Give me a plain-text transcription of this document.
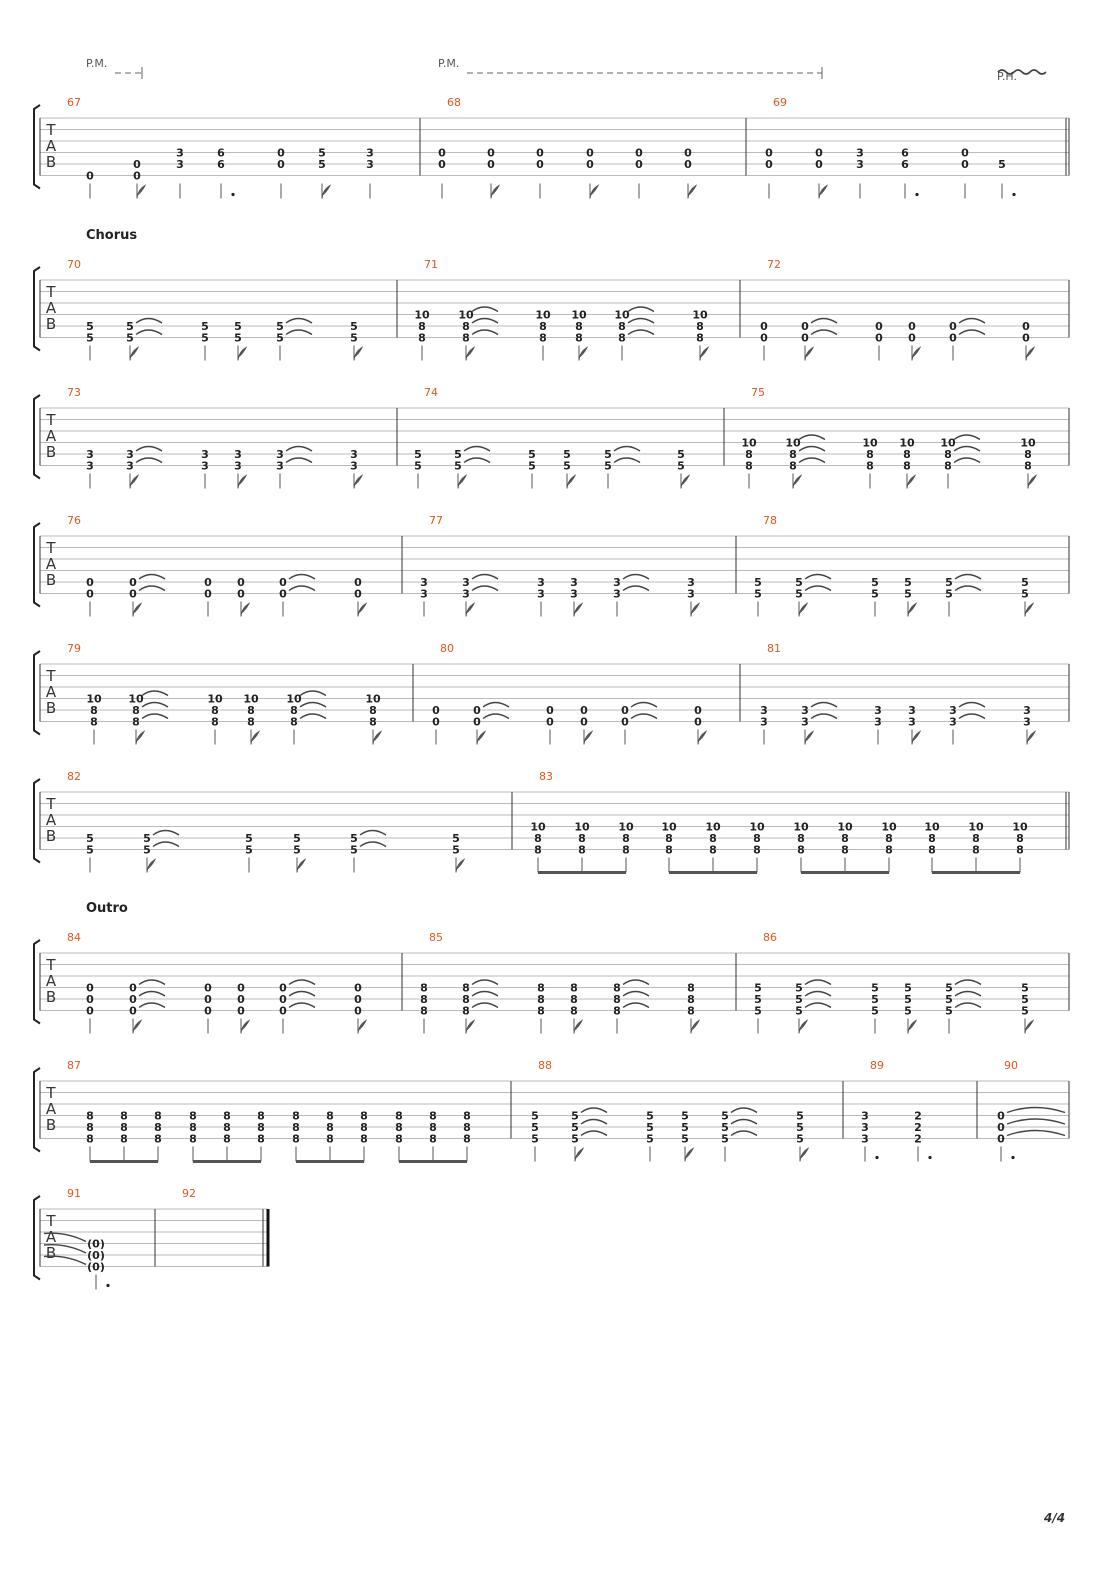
P.M.	P.M.
P.H.
Chorus
Outro
T
A
B
67
0
0
0
3
3
6
6
0
0
5
5
3
3
68
0
0
0
0
0
0
0
0
0
0
0
0
69
0
0
0
0
3
3
6
6
0
0	5
T
A
B
70
5
5
5
5
5
5
5
5
5
5
5
5
71
10
8
8
10
8
8
10
8
8
10
8
8
10
8
8
10
8
8
72
0
0
0
0
0
0
0
0
0
0
0
0
T
A
B
73
3
3
3
3
3
3
3
3
3
3
3
3
74
5
5
5
5
5
5
5
5
5
5
5
5
75
10
8
8
10
8
8
10
8
8
10
8
8
10
8
8
10
8
8
T
A
B
76
0
0
0
0
0
0
0
0
0
0
0
0
77
3
3
3
3
3
3
3
3
3
3
3
3
78
5
5
5
5
5
5
5
5
5
5
5
5
T
A
B
79
10
8
8
10
8
8
10
8
8
10
8
8
10
8
8
10
8
8
80
0
0
0
0
0
0
0
0
0
0
0
0
81
3
3
3
3
3
3
3
3
3
3
3
3
T
A
B
82
5
5
5
5
5
5
5
5
5
5
5
5
83
10
8
8
10
8
8
10
8
8
10
8
8
10
8
8
10
8
8
10
8
8
10
8
8
10
8
8
10
8
8
10
8
8
10
8
8
T
A
B
84
0
0
0
0
0
0
0
0
0
0
0
0
0
0
0
0
0
0
85
8
8
8
8
8
8
8
8
8
8
8
8
8
8
8
8
8
8
86
5
5
5
5
5
5
5
5
5
5
5
5
5
5
5
5
5
5
T
A
B
87
8
8
8
8
8
8
8
8
8
8
8
8
8
8
8
8
8
8
8
8
8
8
8
8
8
8
8
8
8
8
8
8
8
8
8
8
88
5
5
5
5
5
5
5
5
5
5
5
5
5
5
5
5
5
5
89
3
3
3
2
2
2
90
0
0
0
T
A
B
91
(0)
(0)
(0)
92
4/4
